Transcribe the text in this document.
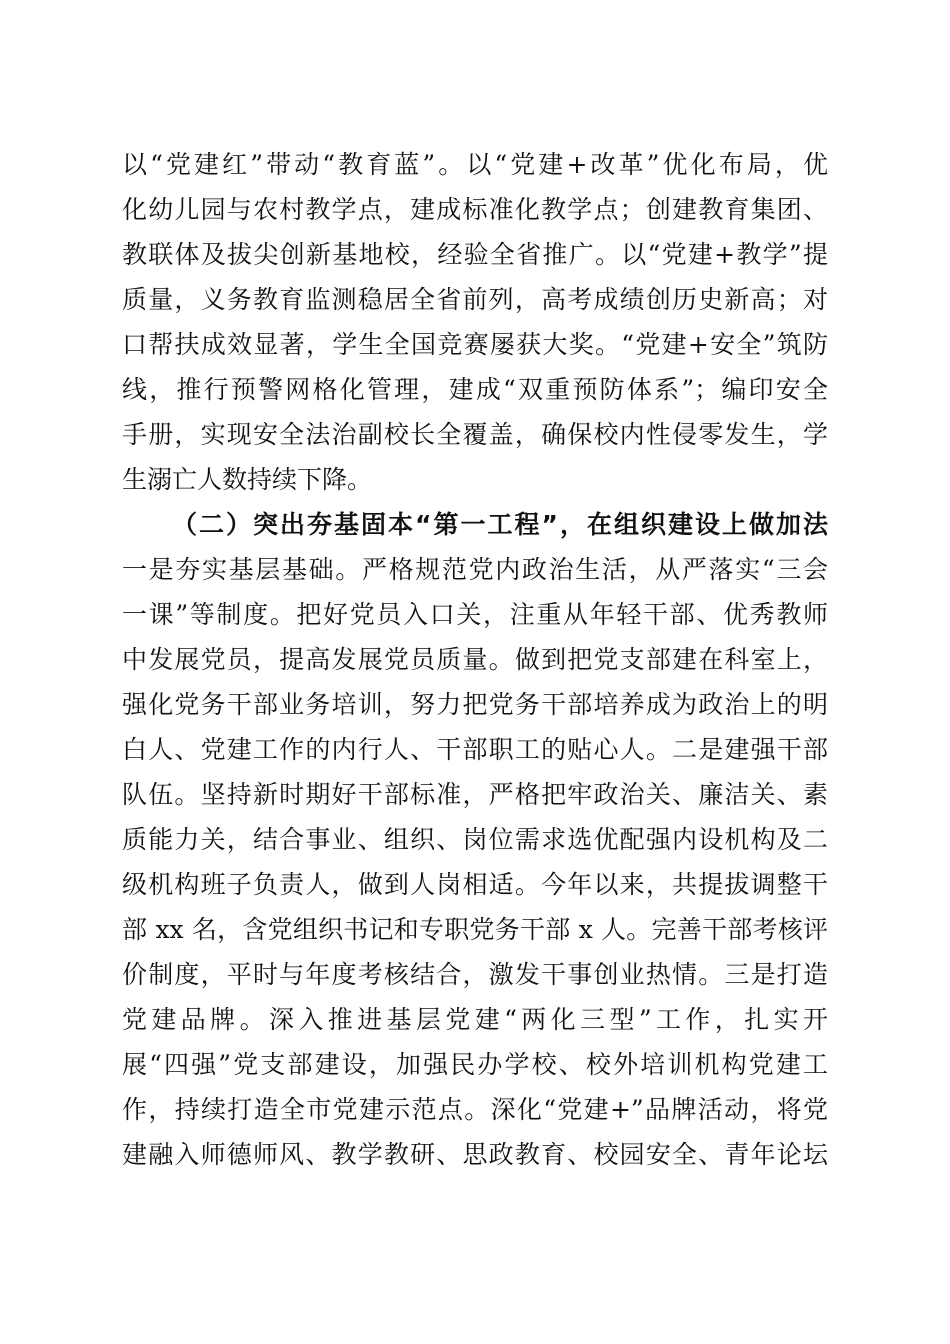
以“党建红”带动“教育蓝”。以“党建+改革”优化布局，优
化幼儿园与农村教学点，建成标准化教学点；创建教育集团、
教联体及拔尖创新基地校，经验全省推广。以“党建+教学”提
质量，义务教育监测稳居全省前列，高考成绩创历史新高；对
口帮扶成效显著，学生全国竞赛屡获大奖。“党建+安全”筑防
线，推行预警网格化管理，建成“双重预防体系”；编印安全
手册，实现安全法治副校长全覆盖，确保校内性侵零发生，学
生溺亡人数持续下降。
（二）突出夯基固本“第一工程”，在组织建设上做加法
一是夯实基层基础。严格规范党内政治生活，从严落实“三会
一课”等制度。把好党员入口关，注重从年轻干部、优秀教师
中发展党员，提高发展党员质量。做到把党支部建在科室上，
强化党务干部业务培训，努力把党务干部培养成为政治上的明
白人、党建工作的内行人、干部职工的贴心人。二是建强干部
队伍。坚持新时期好干部标准，严格把牢政治关、廉洁关、素
质能力关，结合事业、组织、岗位需求选优配强内设机构及二
级机构班子负责人，做到人岗相适。今年以来，共提拔调整干
部 xx 名，含党组织书记和专职党务干部 x 人。完善干部考核评
价制度，平时与年度考核结合，激发干事创业热情。三是打造
党建品牌。深入推进基层党建“两化三型”工作，扎实开
展“四强”党支部建设，加强民办学校、校外培训机构党建工
作，持续打造全市党建示范点。深化“党建+”品牌活动，将党
建融入师德师风、教学教研、思政教育、校园安全、青年论坛
